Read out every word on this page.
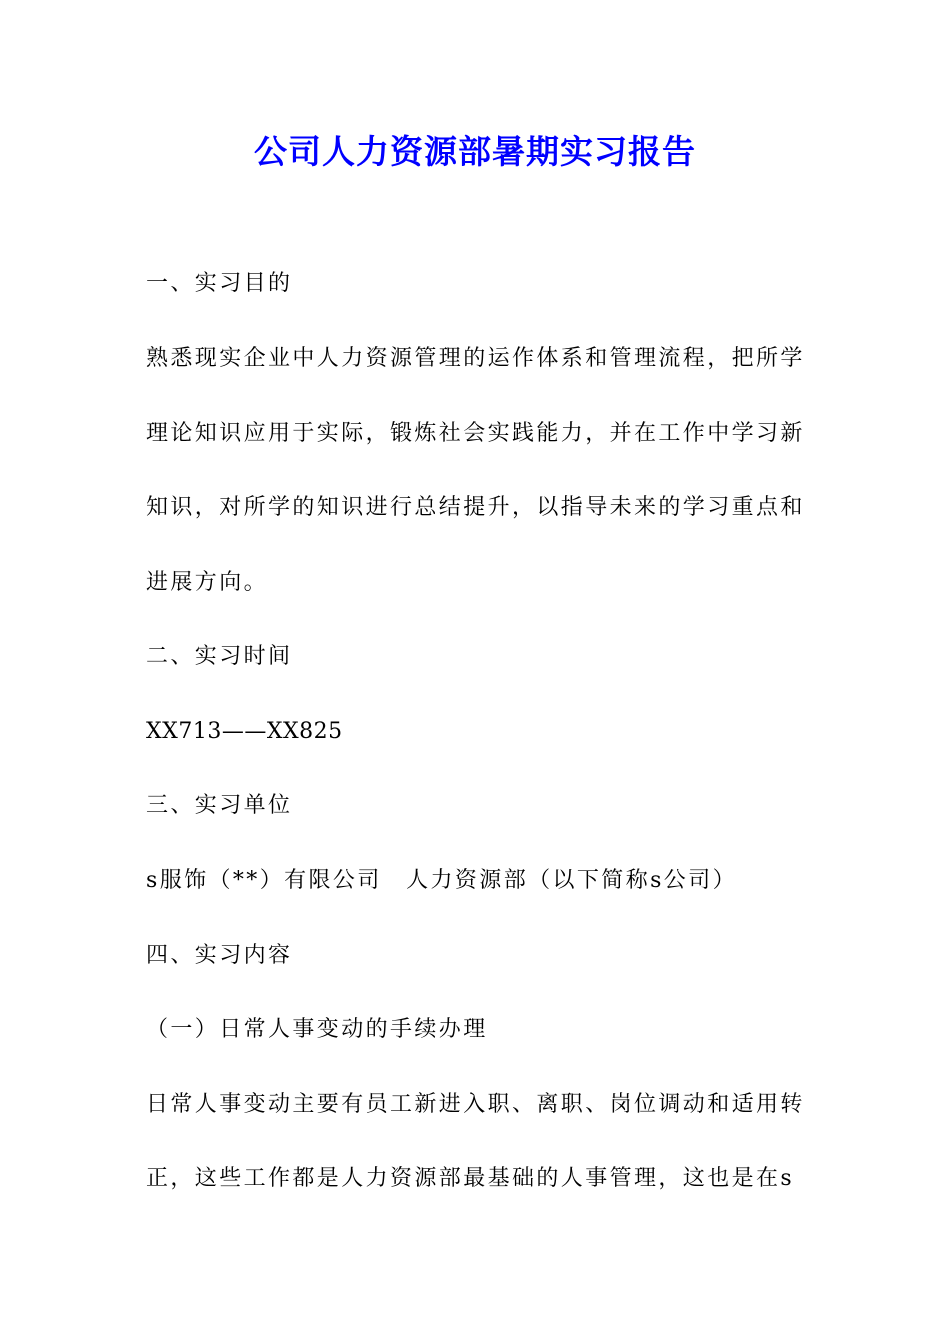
公司人力资源部暑期实习报告
一、实习目的
熟悉现实企业中人力资源管理的运作体系和管理流程，把所学
理论知识应用于实际，锻炼社会实践能力，并在工作中学习新
知识，对所学的知识进行总结提升，以指导未来的学习重点和
进展方向。
二、实习时间
XX713——XX825
三、实习单位
s服饰（**）有限公司　人力资源部（以下简称s公司）
四、实习内容
（一）日常人事变动的手续办理
日常人事变动主要有员工新进入职、离职、岗位调动和适用转
正，这些工作都是人力资源部最基础的人事管理，这也是在s
